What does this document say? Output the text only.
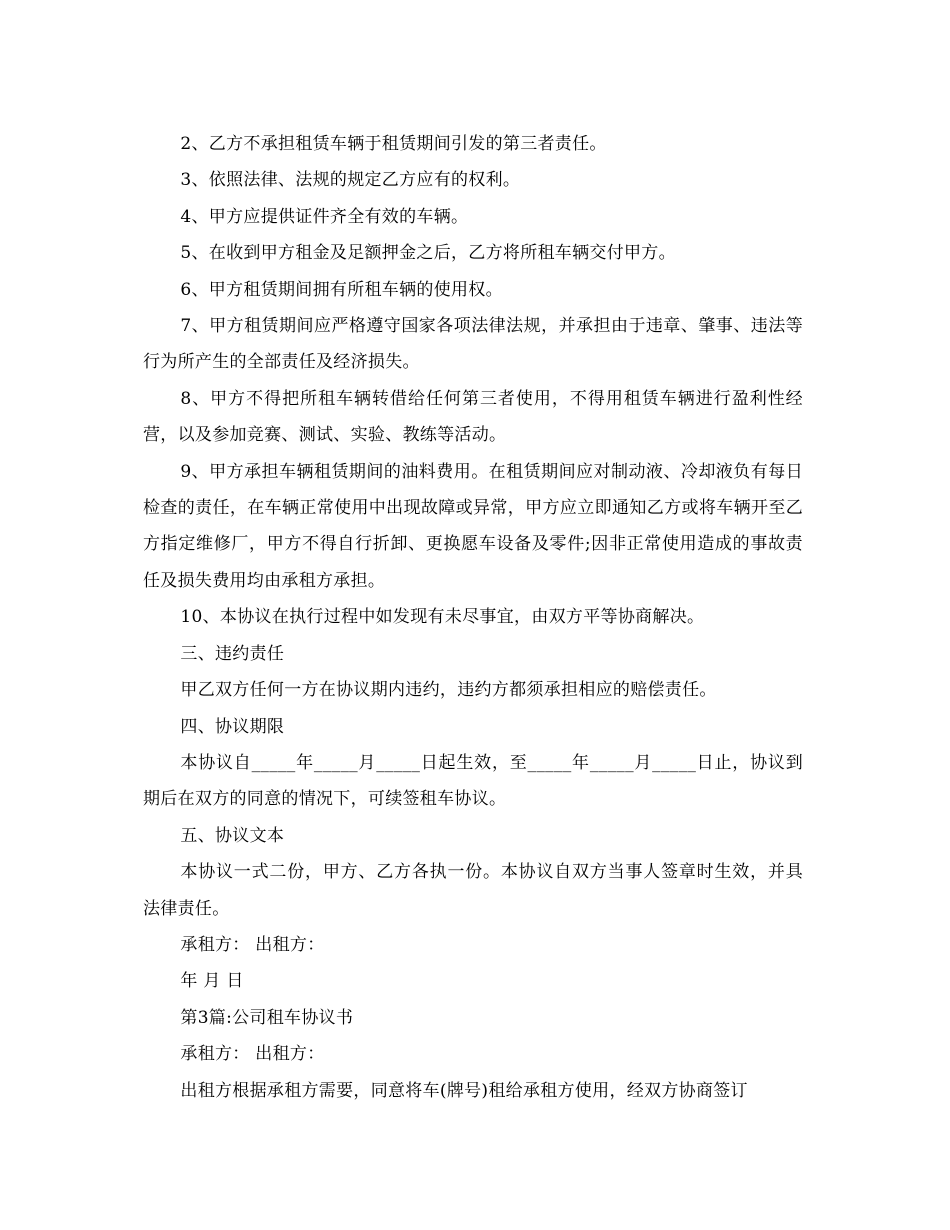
2、乙方不承担租赁车辆于租赁期间引发的第三者责任。

3、依照法律、法规的规定乙方应有的权利。

4、甲方应提供证件齐全有效的车辆。

5、在收到甲方租金及足额押金之后，乙方将所租车辆交付甲方。

6、甲方租赁期间拥有所租车辆的使用权。

7、甲方租赁期间应严格遵守国家各项法律法规，并承担由于违章、肇事、违法等行为所产生的全部责任及经济损失。

8、甲方不得把所租车辆转借给任何第三者使用，不得用租赁车辆进行盈利性经营，以及参加竞赛、测试、实验、教练等活动。

9、甲方承担车辆租赁期间的油料费用。在租赁期间应对制动液、冷却液负有每日检查的责任，在车辆正常使用中出现故障或异常，甲方应立即通知乙方或将车辆开至乙方指定维修厂，甲方不得自行折卸、更换愿车设备及零件;因非正常使用造成的事故责任及损失费用均由承租方承担。

10、本协议在执行过程中如发现有未尽事宜，由双方平等协商解决。

三、违约责任

甲乙双方任何一方在协议期内违约，违约方都须承担相应的赔偿责任。

四、协议期限

本协议自_____年_____月_____日起生效，至_____年_____月_____日止，协议到期后在双方的同意的情况下，可续签租车协议。

五、协议文本

本协议一式二份，甲方、乙方各执一份。本协议自双方当事人签章时生效，并具法律责任。

承租方： 出租方：

年 月 日

第3篇:公司租车协议书

承租方： 出租方：

出租方根据承租方需要，同意将车(牌号)租给承租方使用，经双方协商签订
